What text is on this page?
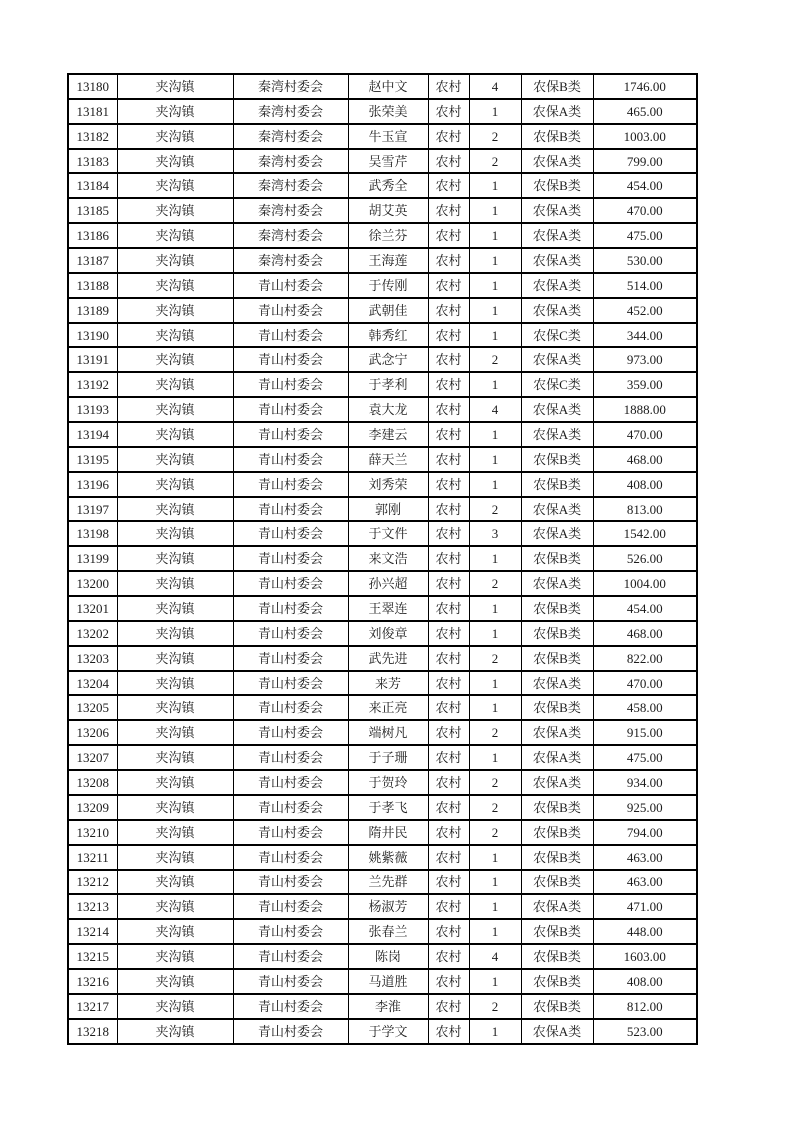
13180	夹沟镇	秦湾村委会	赵中文	农村	4	农保B类	1746.00
13181	夹沟镇	秦湾村委会	张荣美	农村	1	农保A类	465.00
13182	夹沟镇	秦湾村委会	牛玉宣	农村	2	农保B类	1003.00
13183	夹沟镇	秦湾村委会	吴雪芹	农村	2	农保A类	799.00
13184	夹沟镇	秦湾村委会	武秀全	农村	1	农保B类	454.00
13185	夹沟镇	秦湾村委会	胡艾英	农村	1	农保A类	470.00
13186	夹沟镇	秦湾村委会	徐兰芬	农村	1	农保A类	475.00
13187	夹沟镇	秦湾村委会	王海莲	农村	1	农保A类	530.00
13188	夹沟镇	青山村委会	于传刚	农村	1	农保A类	514.00
13189	夹沟镇	青山村委会	武朝佳	农村	1	农保A类	452.00
13190	夹沟镇	青山村委会	韩秀红	农村	1	农保C类	344.00
13191	夹沟镇	青山村委会	武念宁	农村	2	农保A类	973.00
13192	夹沟镇	青山村委会	于孝利	农村	1	农保C类	359.00
13193	夹沟镇	青山村委会	袁大龙	农村	4	农保A类	1888.00
13194	夹沟镇	青山村委会	李建云	农村	1	农保A类	470.00
13195	夹沟镇	青山村委会	薛天兰	农村	1	农保B类	468.00
13196	夹沟镇	青山村委会	刘秀荣	农村	1	农保B类	408.00
13197	夹沟镇	青山村委会	郭刚	农村	2	农保A类	813.00
13198	夹沟镇	青山村委会	于文件	农村	3	农保A类	1542.00
13199	夹沟镇	青山村委会	来文浩	农村	1	农保B类	526.00
13200	夹沟镇	青山村委会	孙兴超	农村	2	农保A类	1004.00
13201	夹沟镇	青山村委会	王翠连	农村	1	农保B类	454.00
13202	夹沟镇	青山村委会	刘俊章	农村	1	农保B类	468.00
13203	夹沟镇	青山村委会	武先进	农村	2	农保B类	822.00
13204	夹沟镇	青山村委会	来芳	农村	1	农保A类	470.00
13205	夹沟镇	青山村委会	来正亮	农村	1	农保B类	458.00
13206	夹沟镇	青山村委会	端树凡	农村	2	农保A类	915.00
13207	夹沟镇	青山村委会	于子珊	农村	1	农保A类	475.00
13208	夹沟镇	青山村委会	于贺玲	农村	2	农保A类	934.00
13209	夹沟镇	青山村委会	于孝飞	农村	2	农保B类	925.00
13210	夹沟镇	青山村委会	隋井民	农村	2	农保B类	794.00
13211	夹沟镇	青山村委会	姚紫薇	农村	1	农保B类	463.00
13212	夹沟镇	青山村委会	兰先群	农村	1	农保B类	463.00
13213	夹沟镇	青山村委会	杨淑芳	农村	1	农保A类	471.00
13214	夹沟镇	青山村委会	张春兰	农村	1	农保B类	448.00
13215	夹沟镇	青山村委会	陈岗	农村	4	农保B类	1603.00
13216	夹沟镇	青山村委会	马道胜	农村	1	农保B类	408.00
13217	夹沟镇	青山村委会	李淮	农村	2	农保B类	812.00
13218	夹沟镇	青山村委会	于学文	农村	1	农保A类	523.00
